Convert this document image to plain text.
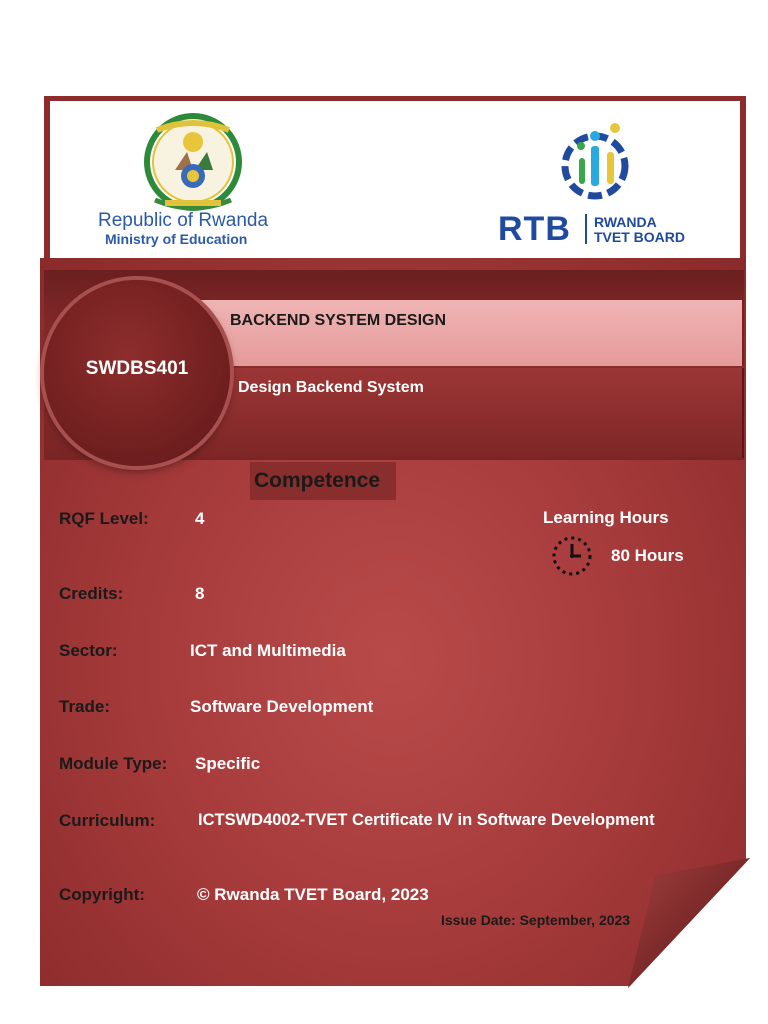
Republic of Rwanda
Ministry of Education	RTB RWANDA
TVET BOARD
SWDBS401
BACKEND SYSTEM DESIGN
Design Backend System
Competence
RQF Level:	4
Credits:	8
Sector:	ICT and Multimedia
Trade:	Software Development
Module Type: Specific
Curriculum:	ICTSWD4002-TVET Certificate IV in Software Development
Copyright:	© Rwanda TVET Board, 2023
Learning Hours
80 Hours
Issue Date: September, 2023
